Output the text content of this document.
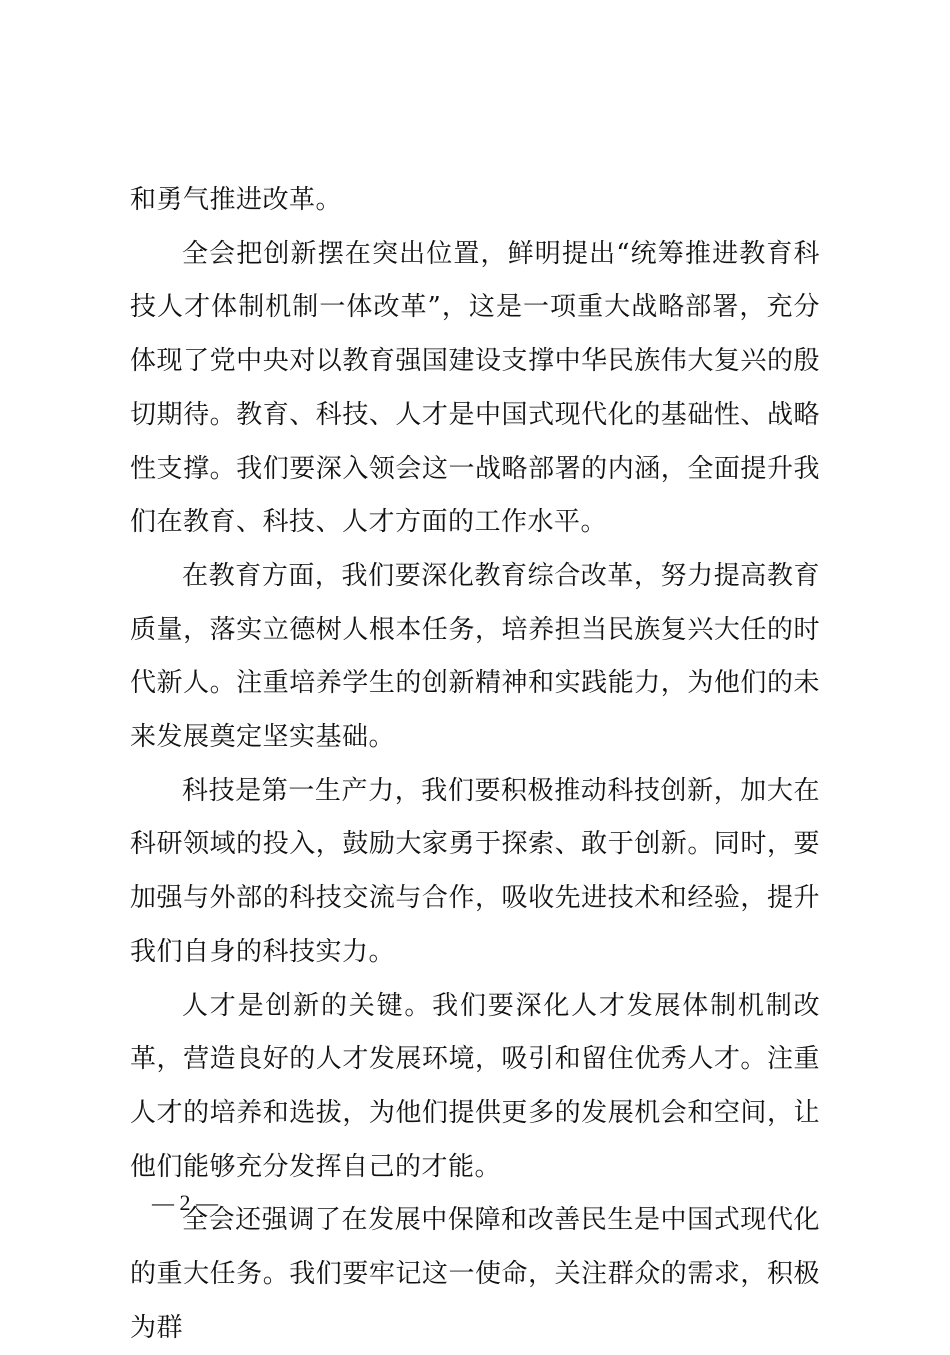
和勇气推进改革。

全会把创新摆在突出位置，鲜明提出“统筹推进教育科技人才体制机制一体改革”，这是一项重大战略部署，充分体现了党中央对以教育强国建设支撑中华民族伟大复兴的殷切期待。教育、科技、人才是中国式现代化的基础性、战略性支撑。我们要深入领会这一战略部署的内涵，全面提升我们在教育、科技、人才方面的工作水平。

在教育方面，我们要深化教育综合改革，努力提高教育质量，落实立德树人根本任务，培养担当民族复兴大任的时代新人。注重培养学生的创新精神和实践能力，为他们的未来发展奠定坚实基础。

科技是第一生产力，我们要积极推动科技创新，加大在科研领域的投入，鼓励大家勇于探索、敢于创新。同时，要加强与外部的科技交流与合作，吸收先进技术和经验，提升我们自身的科技实力。

人才是创新的关键。我们要深化人才发展体制机制改革，营造良好的人才发展环境，吸引和留住优秀人才。注重人才的培养和选拔，为他们提供更多的发展机会和空间，让他们能够充分发挥自己的才能。

全会还强调了在发展中保障和改善民生是中国式现代化的重大任务。我们要牢记这一使命，关注群众的需求，积极为群

— 2 —
